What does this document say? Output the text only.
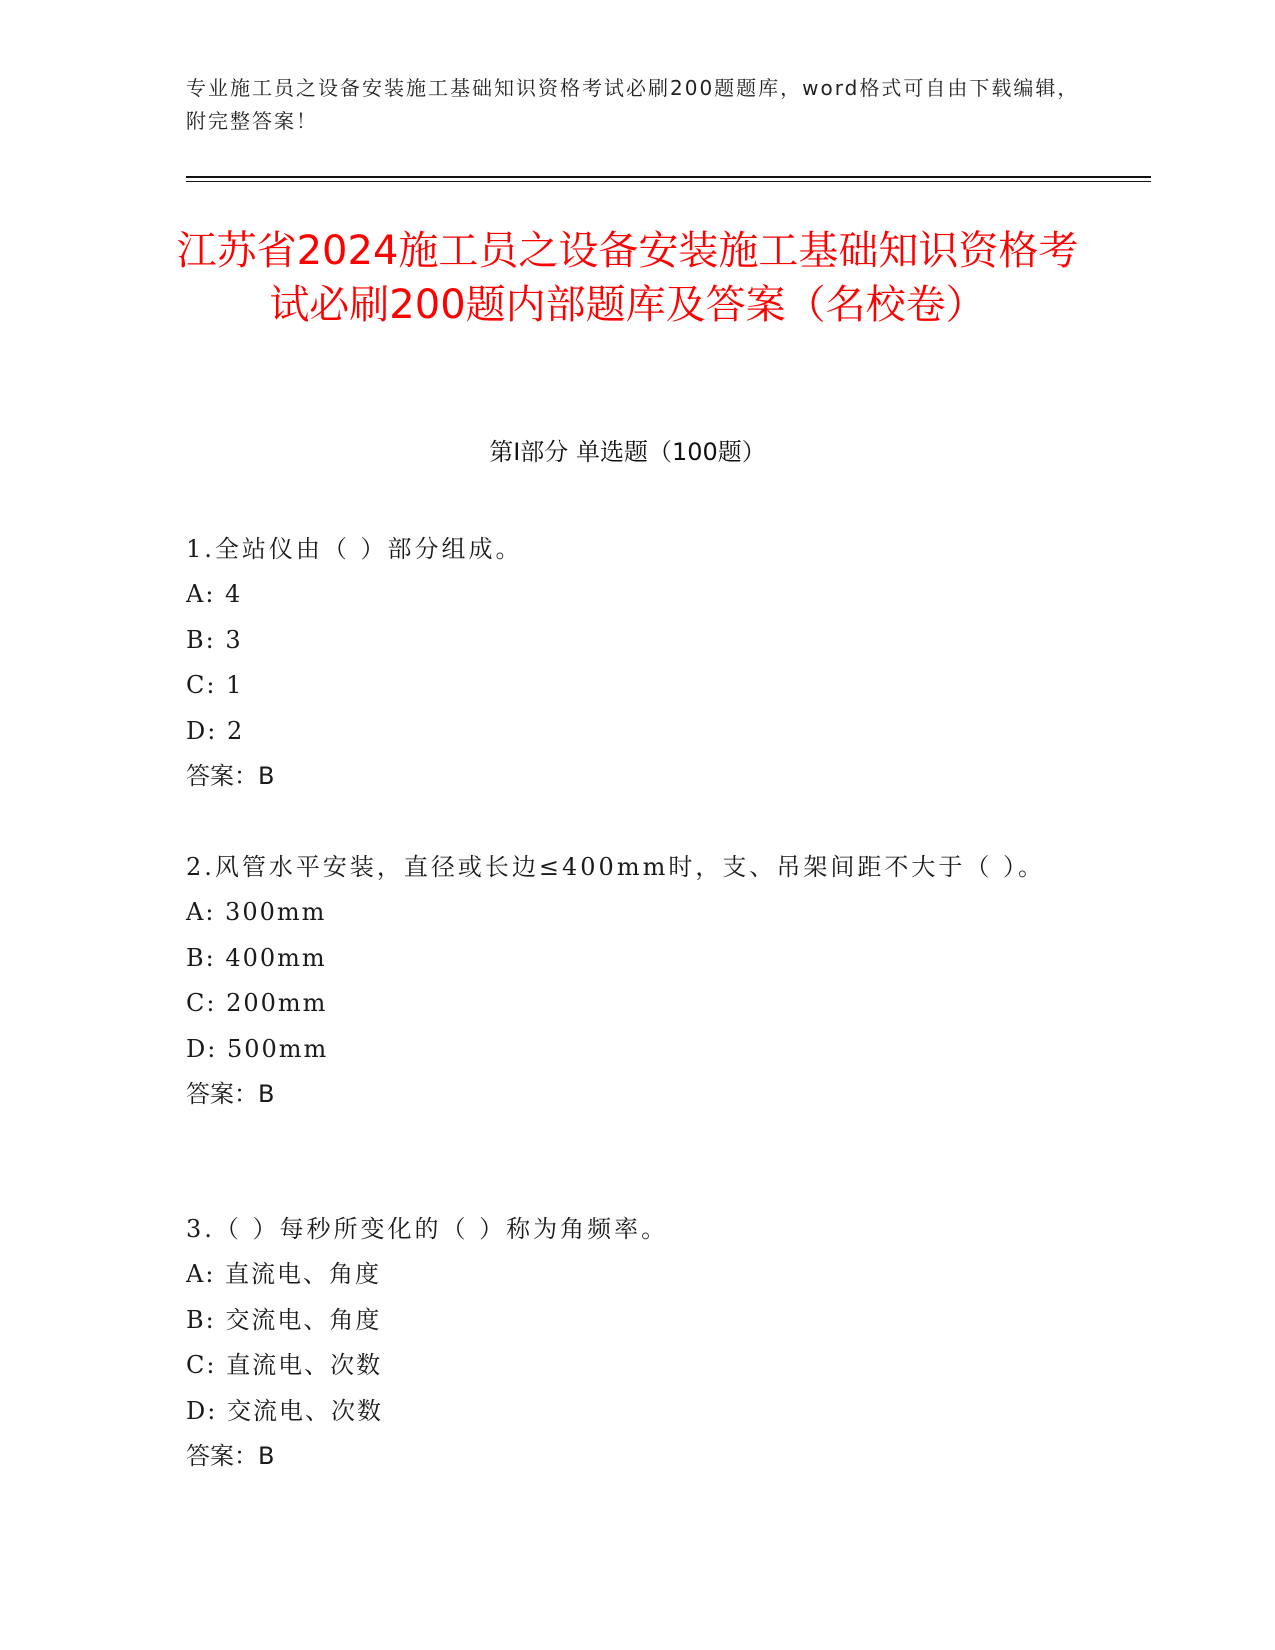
专业施工员之设备安装施工基础知识资格考试必刷200题题库，word格式可自由下载编辑，附完整答案！
江苏省2024施工员之设备安装施工基础知识资格考试必刷200题内部题库及答案（名校卷）
第I部分 单选题（100题）

1.全站仪由（ ）部分组成。

A: 4

B: 3

C: 1

D: 2

答案：B

2.风管水平安装，直径或长边≤400mm时，支、吊架间距不大于（ ）。

A: 300mm

B: 400mm

C: 200mm

D: 500mm

答案：B

3.（ ）每秒所变化的（ ）称为角频率。

A: 直流电、角度

B: 交流电、角度

C: 直流电、次数

D: 交流电、次数

答案：B
